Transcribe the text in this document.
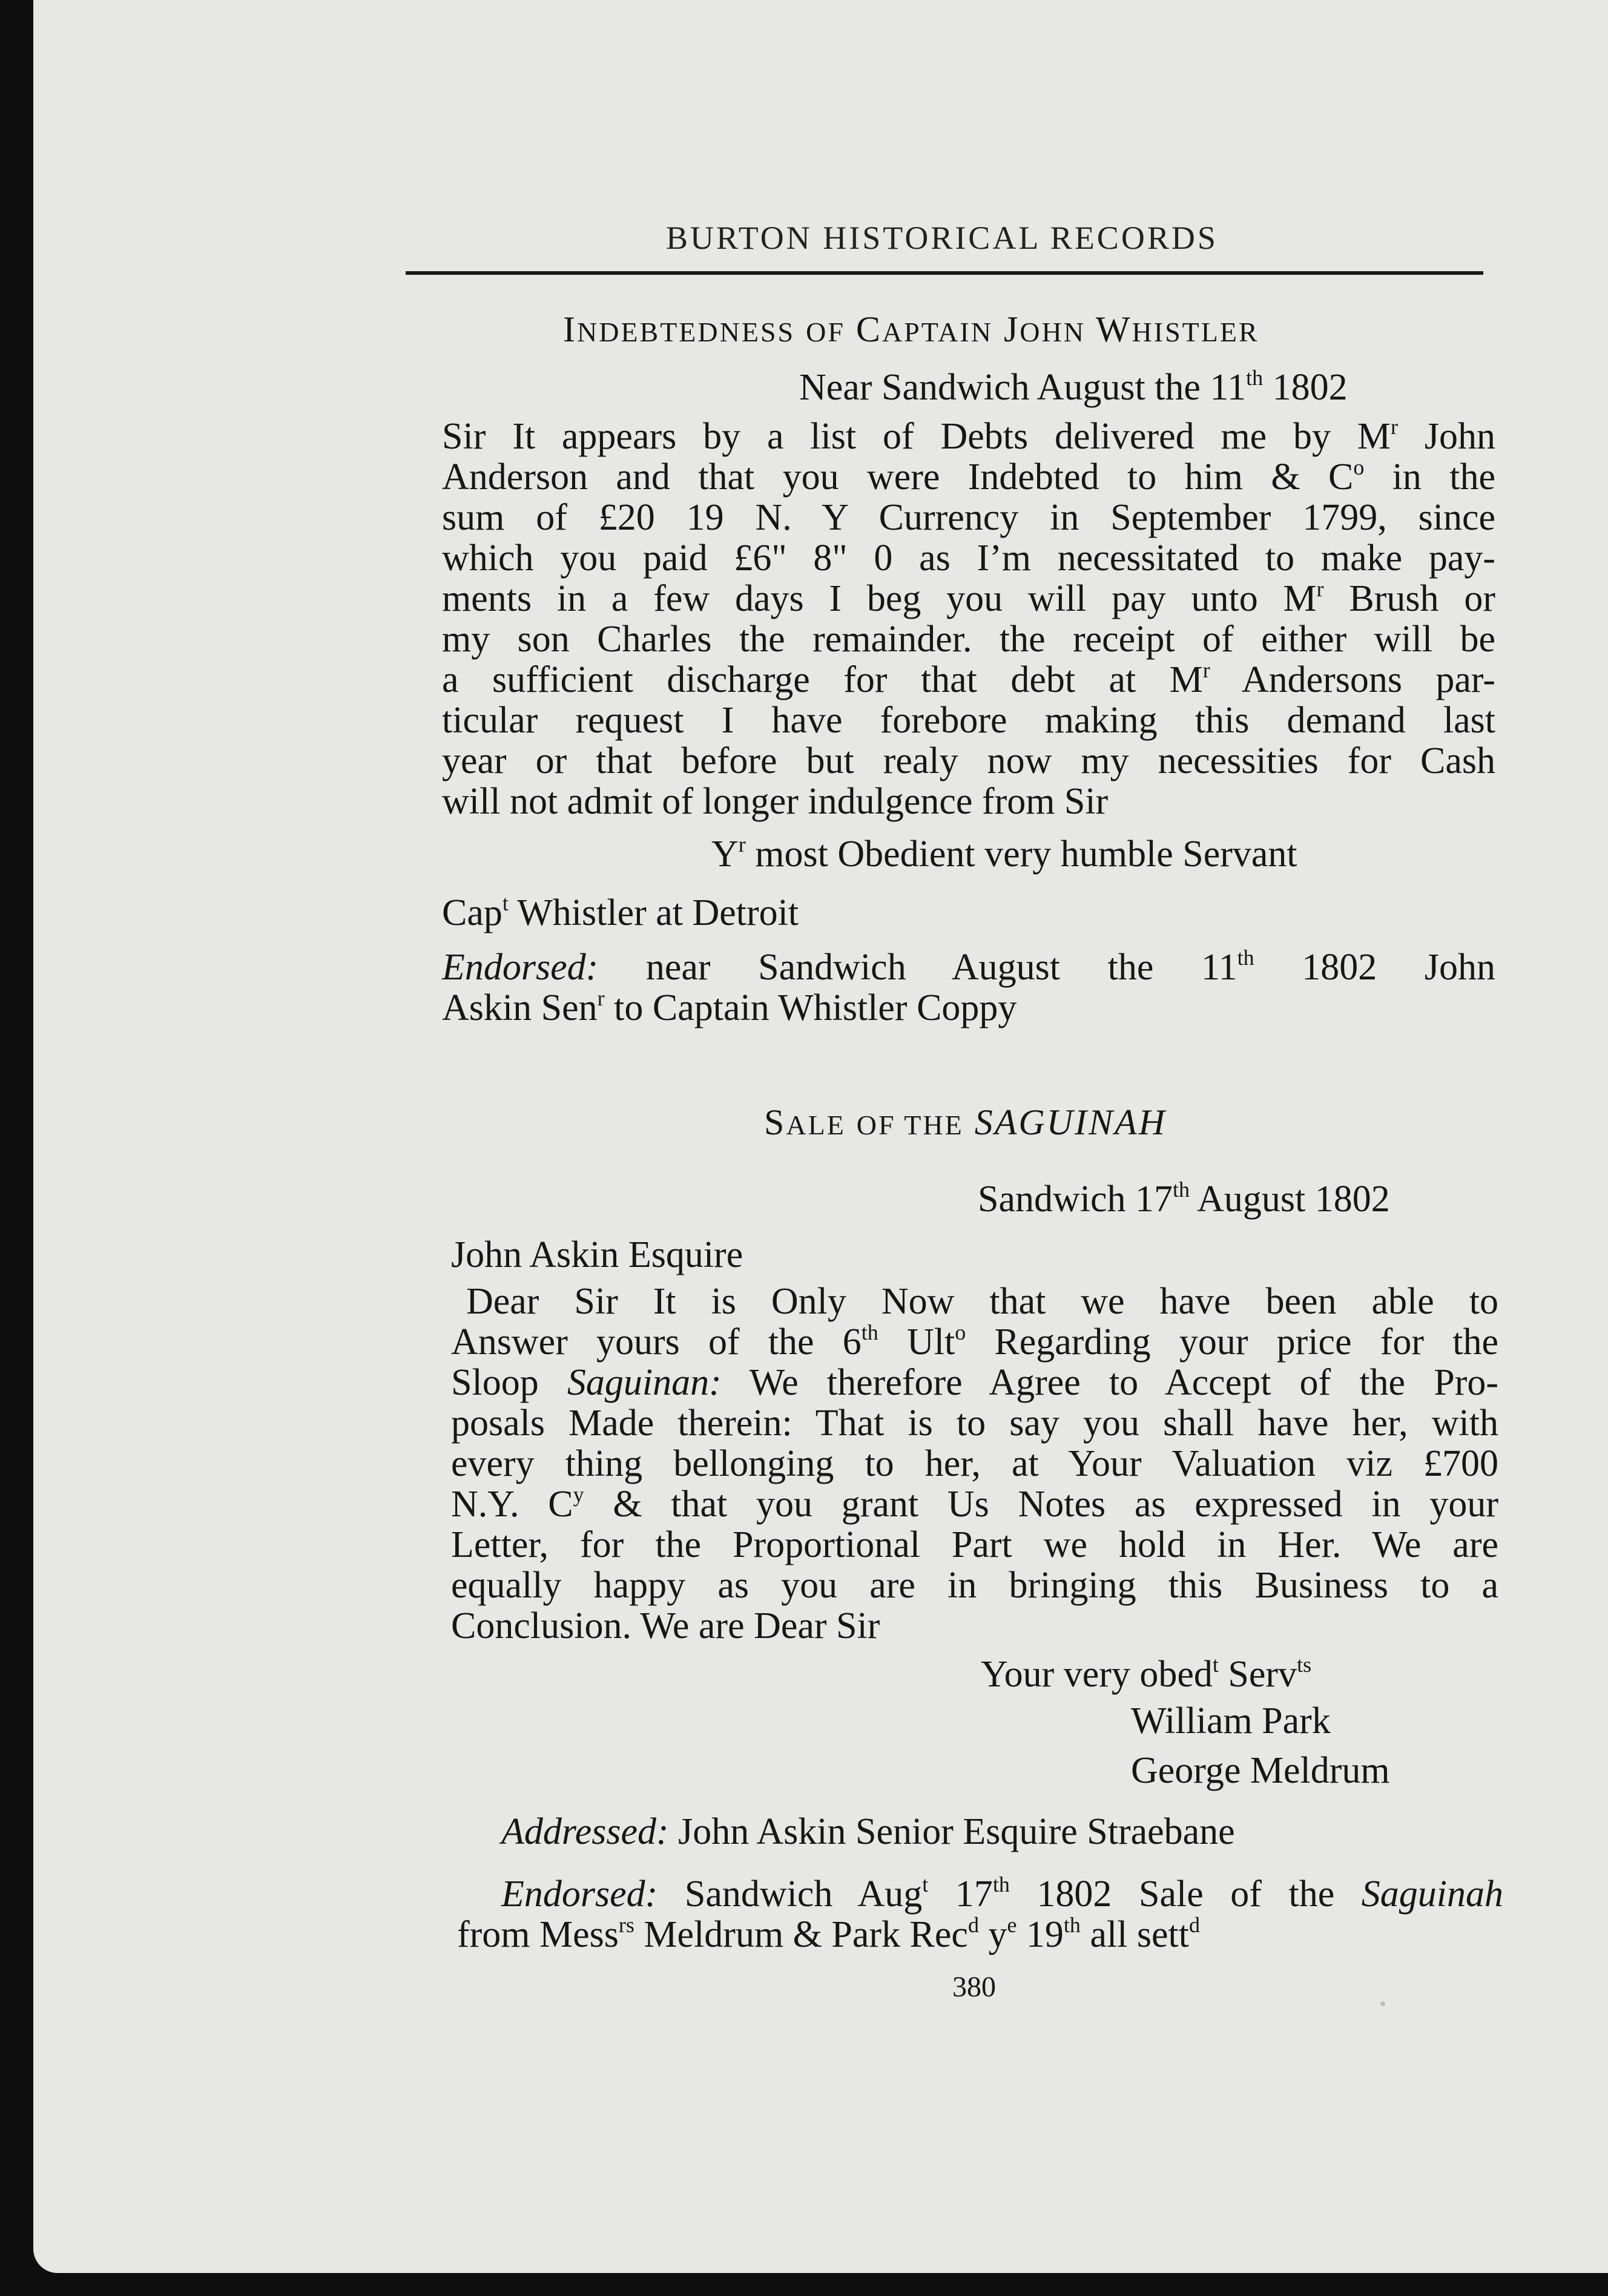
BURTON HISTORICAL RECORDS
INDEBTEDNESS OF CAPTAIN JOHN WHISTLER
Near Sandwich August the 11th 1802
Sir It appears by a list of Debts delivered me by $M^r$ John
Anderson and that you were Indebted to him & $C^o$ in the
sum of £20 19 N. Y Currency in September 1799, since
which you paid £6" 8" 0 as I’m necessitated to make pay-
ments in a few days I beg you will pay unto $M^r$ Brush or
my son Charles the remainder. the receipt of either will be
a sufficient discharge for that debt at $M^r$ Andersons par-
ticular request I have forebore making this demand last
year or that before but realy now my necessities for Cash
will not admit of longer indulgence from Sir
$Y^r$ most Obedient very humble Servant
Cap$^t$ Whistler at Detroit
Endorsed: near Sandwich August the 11th 1802 John
Askin Sen$^r$ to Captain Whistler Coppy
SALE OF THE SAGUINAH
Sandwich 17th August 1802
John Askin Esquire
Dear Sir It is Only Now that we have been able to
Answer yours of the 6th Ult$^o$ Regarding your price for the
Sloop Saguinan: We therefore Agree to Accept of the Pro-
posals Made therein: That is to say you shall have her, with
every thing bellonging to her, at Your Valuation viz £700
N.Y. $C^y$ & that you grant Us Notes as expressed in your
Letter, for the Proportional Part we hold in Her. We are
equally happy as you are in bringing this Business to a
Conclusion. We are Dear Sir
Your very obed$^t$ Serv$^{ts}$
William Park
George Meldrum
Addressed: John Askin Senior Esquire Straebane
Endorsed: Sandwich Aug$^t$ 17th 1802 Sale of the Saguinah
from Mess$^{rs}$ Meldrum & Park Rec$^d$ $y^e$ 19th all sett$^d$
380
